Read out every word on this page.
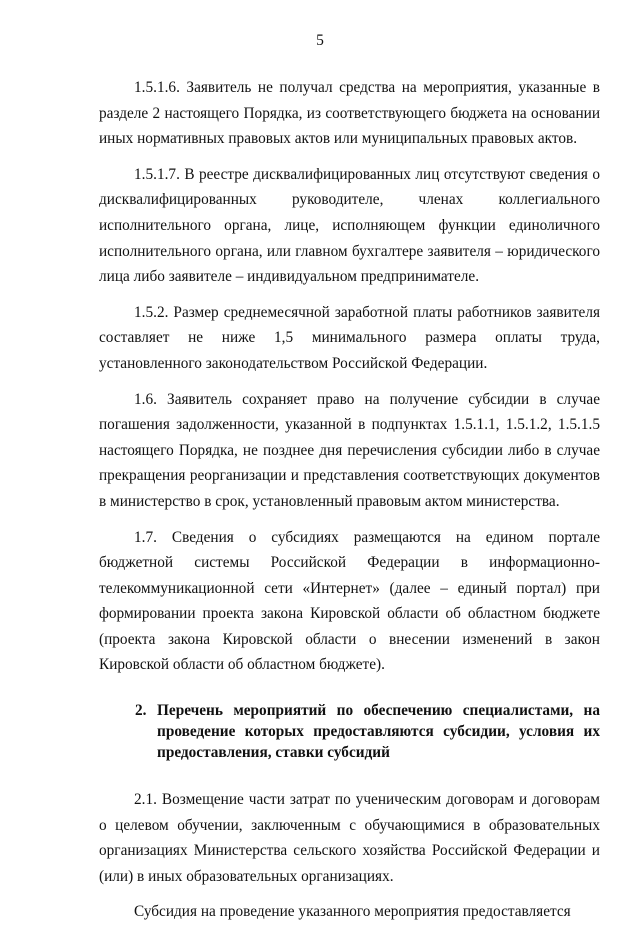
5

1.5.1.6. Заявитель не получал средства на мероприятия, указанные в разделе 2 настоящего Порядка, из соответствующего бюджета на основании иных нормативных правовых актов или муниципальных правовых актов.

1.5.1.7. В реестре дисквалифицированных лиц отсутствуют сведения о дисквалифицированных руководителе, членах коллегиального исполнительного органа, лице, исполняющем функции единоличного исполнительного органа, или главном бухгалтере заявителя – юридического лица либо заявителе – индивидуальном предпринимателе.

1.5.2. Размер среднемесячной заработной платы работников заявителя составляет не ниже 1,5 минимального размера оплаты труда, установленного законодательством Российской Федерации.

1.6. Заявитель сохраняет право на получение субсидии в случае погашения задолженности, указанной в подпунктах 1.5.1.1, 1.5.1.2, 1.5.1.5 настоящего Порядка, не позднее дня перечисления субсидии либо в случае прекращения реорганизации и представления соответствующих документов в министерство в срок, установленный правовым актом министерства.

1.7. Сведения о субсидиях размещаются на едином портале бюджетной системы Российской Федерации в информационно-телекоммуникационной сети «Интернет» (далее – единый портал) при формировании проекта закона Кировской области об областном бюджете (проекта закона Кировской области о внесении изменений в закон Кировской области об областном бюджете).

2. Перечень мероприятий по обеспечению специалистами, на проведение которых предоставляются субсидии, условия их предоставления, ставки субсидий

2.1. Возмещение части затрат по ученическим договорам и договорам о целевом обучении, заключенным с обучающимися в образовательных организациях Министерства сельского хозяйства Российской Федерации и (или) в иных образовательных организациях.

Субсидия на проведение указанного мероприятия предоставляется
